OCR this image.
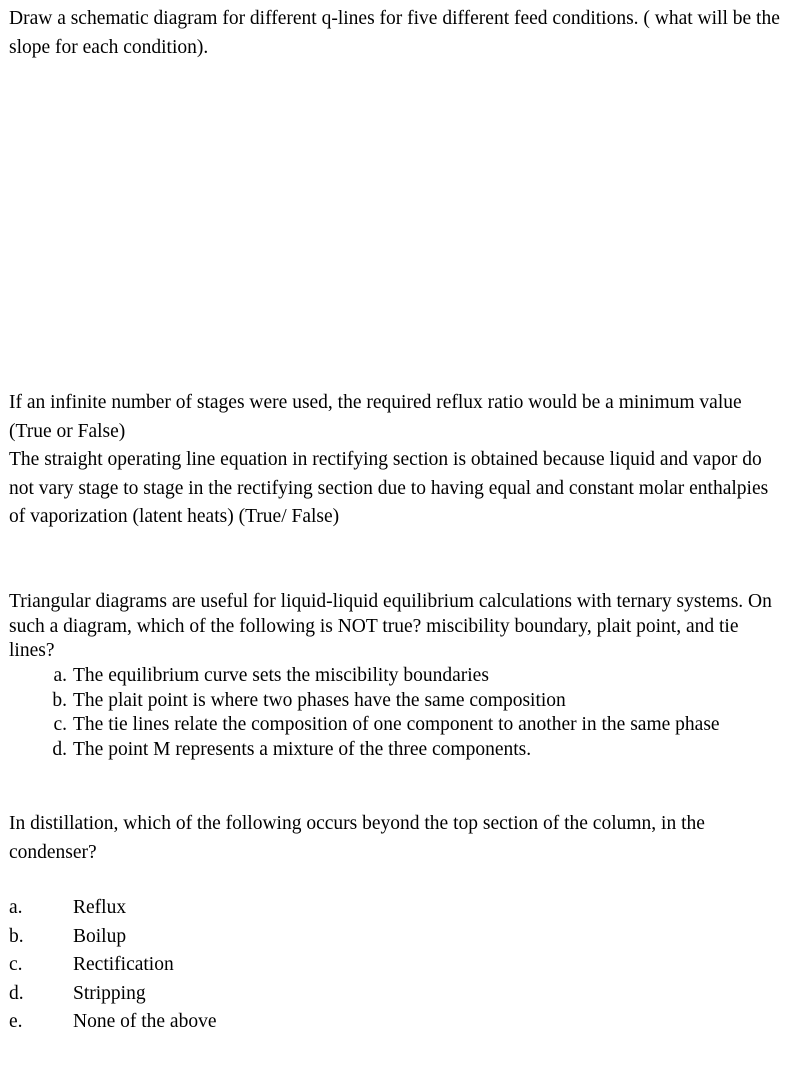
Draw a schematic diagram for different q-lines for five different feed conditions. ( what will be the slope for each condition).

If an infinite number of stages were used, the required reflux ratio would be a minimum value (True or False)

The straight operating line equation in rectifying section is obtained because liquid and vapor do not vary stage to stage in the rectifying section due to having equal and constant molar enthalpies of vaporization (latent heats) (True/ False)

Triangular diagrams are useful for liquid-liquid equilibrium calculations with ternary systems. On such a diagram, which of the following is NOT true? miscibility boundary, plait point, and tie lines?

a. The equilibrium curve sets the miscibility boundaries
b. The plait point is where two phases have the same composition
c. The tie lines relate the composition of one component to another in the same phase
d. The point M represents a mixture of the three components.

In distillation, which of the following occurs beyond the top section of the column, in the condenser?

a.	Reflux
b.	Boilup
c.	Rectification
d.	Stripping
e.	None of the above
